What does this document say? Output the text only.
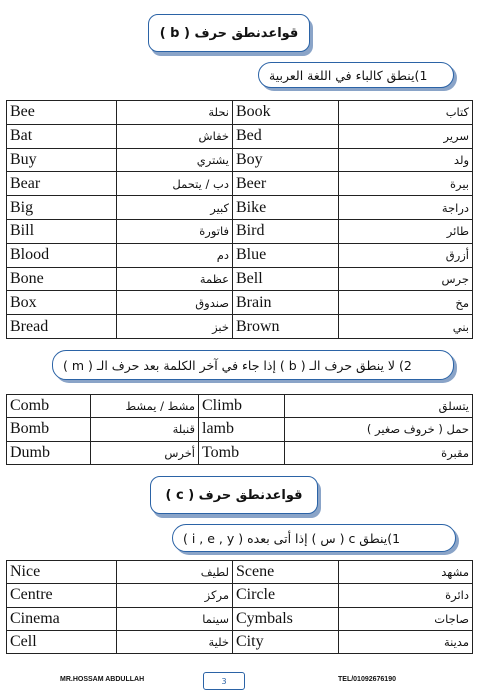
قواعدنطق حرف ( b )
1)ينطق كالباء في اللغة العربية
Bee	نحلة	Book	كتاب
Bat	خفاش	Bed	سرير
Buy	يشتري	Boy	ولد
Bear	دب / يتحمل	Beer	بيرة
Big	كبير	Bike	دراجة
Bill	فاتورة	Bird	طائر
Blood	دم	Blue	أزرق
Bone	عظمة	Bell	جرس
Box	صندوق	Brain	مخ
Bread	خبز	Brown	بني
2) لا ينطق حرف الـ ( b ) إذا جاء في آخر الكلمة بعد حرف الـ ( m )
Comb	مشط / يمشط	Climb	يتسلق
Bomb	قنبلة	lamb	حمل ( خروف صغير )
Dumb	أخرس	Tomb	مقبرة
قواعدنطق حرف ( c )
1)ينطق c ( س ) إذا أتى بعده ( i , e , y )
Nice	لطيف	Scene	مشهد
Centre	مركز	Circle	دائرة
Cinema	سينما	Cymbals	صاجات
Cell	خلية	City	مدينة
MR.HOSSAM ABDULLAH	3	TEL/01092676190
